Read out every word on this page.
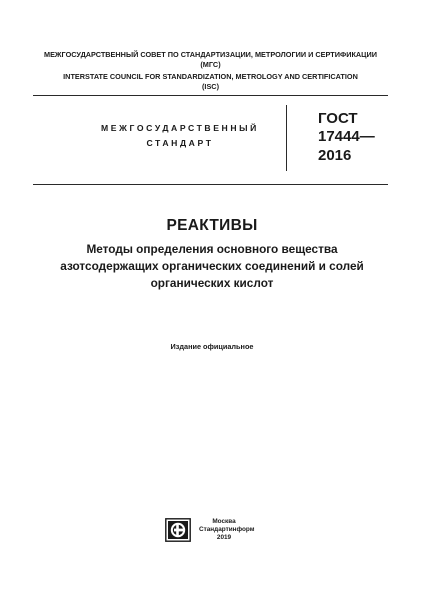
МЕЖГОСУДАРСТВЕННЫЙ СОВЕТ ПО СТАНДАРТИЗАЦИИ, МЕТРОЛОГИИ И СЕРТИФИКАЦИИ
(МГС)
INTERSTATE COUNCIL FOR STANDARDIZATION, METROLOGY AND CERTIFICATION
(ISC)
МЕЖГОСУДАРСТВЕННЫЙ
СТАНДАРТ
ГОСТ
17444—
2016
РЕАКТИВЫ
Методы определения основного вещества
азотсодержащих органических соединений и солей
органических кислот
Издание официальное
Москва
Стандартинформ
2019
